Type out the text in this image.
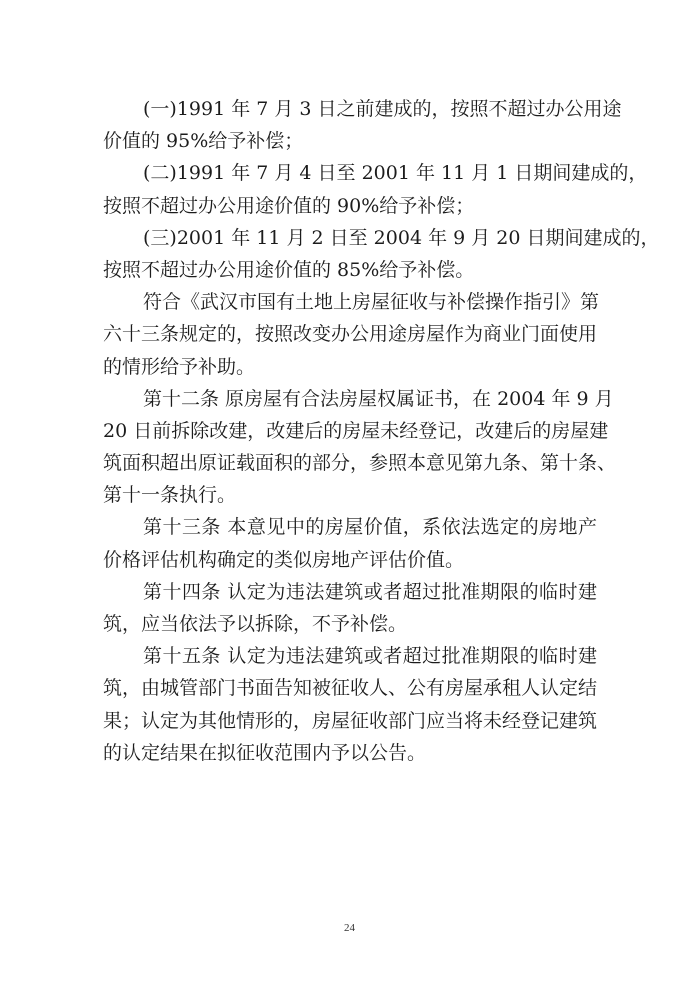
(一)1991 年 7 月 3 日之前建成的，按照不超过办公用途
价值的 95%给予补偿；
(二)1991 年 7 月 4 日至 2001 年 11 月 1 日期间建成的，
按照不超过办公用途价值的 90%给予补偿；
(三)2001 年 11 月 2 日至 2004 年 9 月 20 日期间建成的，
按照不超过办公用途价值的 85%给予补偿。
符合《武汉市国有土地上房屋征收与补偿操作指引》第
六十三条规定的，按照改变办公用途房屋作为商业门面使用
的情形给予补助。
第十二条 原房屋有合法房屋权属证书，在 2004 年 9 月
20 日前拆除改建，改建后的房屋未经登记，改建后的房屋建
筑面积超出原证载面积的部分，参照本意见第九条、第十条、
第十一条执行。
第十三条 本意见中的房屋价值，系依法选定的房地产
价格评估机构确定的类似房地产评估价值。
第十四条 认定为违法建筑或者超过批准期限的临时建
筑，应当依法予以拆除，不予补偿。
第十五条 认定为违法建筑或者超过批准期限的临时建
筑，由城管部门书面告知被征收人、公有房屋承租人认定结
果；认定为其他情形的，房屋征收部门应当将未经登记建筑
的认定结果在拟征收范围内予以公告。
24
